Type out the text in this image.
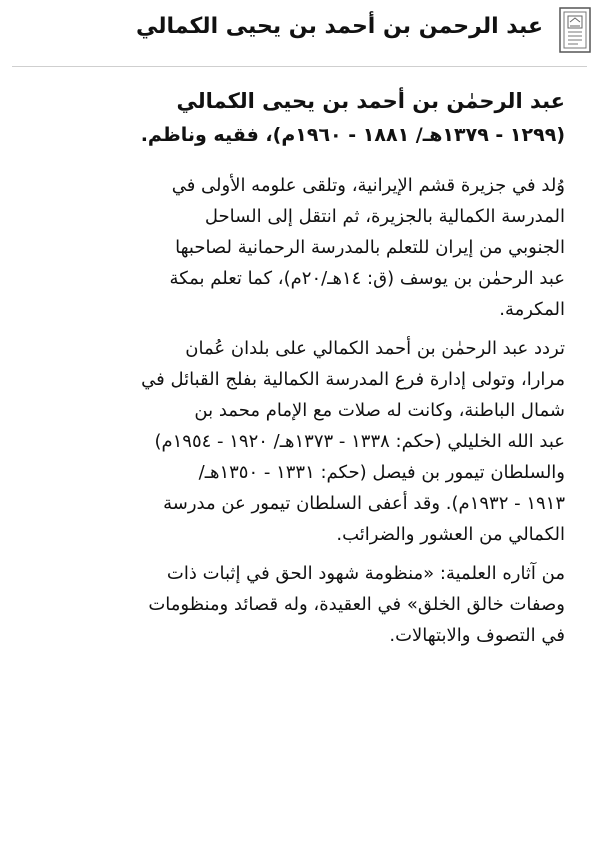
عبد الرحمن بن أحمد بن يحيى الكمالي

عبد الرحمٰن بن أحمد بن يحيى الكمالي

(١٢٩٩ - ١٣٧٩هـ/ ١٨٨١ - ١٩٦٠م)، فقيه وناظم.

وُلد في جزيرة قشم الإيرانية، وتلقى علومه الأولى في
المدرسة الكمالية بالجزيرة، ثم انتقل إلى الساحل
الجنوبي من إيران للتعلم بالمدرسة الرحمانية لصاحبها
عبد الرحمٰن بن يوسف (ق: ١٤هـ/٢٠م)، كما تعلم بمكة
المكرمة.
تردد عبد الرحمٰن بن أحمد الكمالي على بلدان عُمان
مرارا، وتولى إدارة فرع المدرسة الكمالية بفلج القبائل في
شمال الباطنة، وكانت له صلات مع الإمام محمد بن
عبد الله الخليلي (حكم: ١٣٣٨ - ١٣٧٣هـ/ ١٩٢٠ - ١٩٥٤م)
والسلطان تيمور بن فيصل (حكم: ١٣٣١ - ١٣٥٠هـ/
١٩١٣ - ١٩٣٢م). وقد أعفى السلطان تيمور عن مدرسة
الكمالي من العشور والضرائب.
من آثاره العلمية: «منظومة شهود الحق في إثبات ذات
وصفات خالق الخلق» في العقيدة، وله قصائد ومنظومات
في التصوف والابتهالات.
